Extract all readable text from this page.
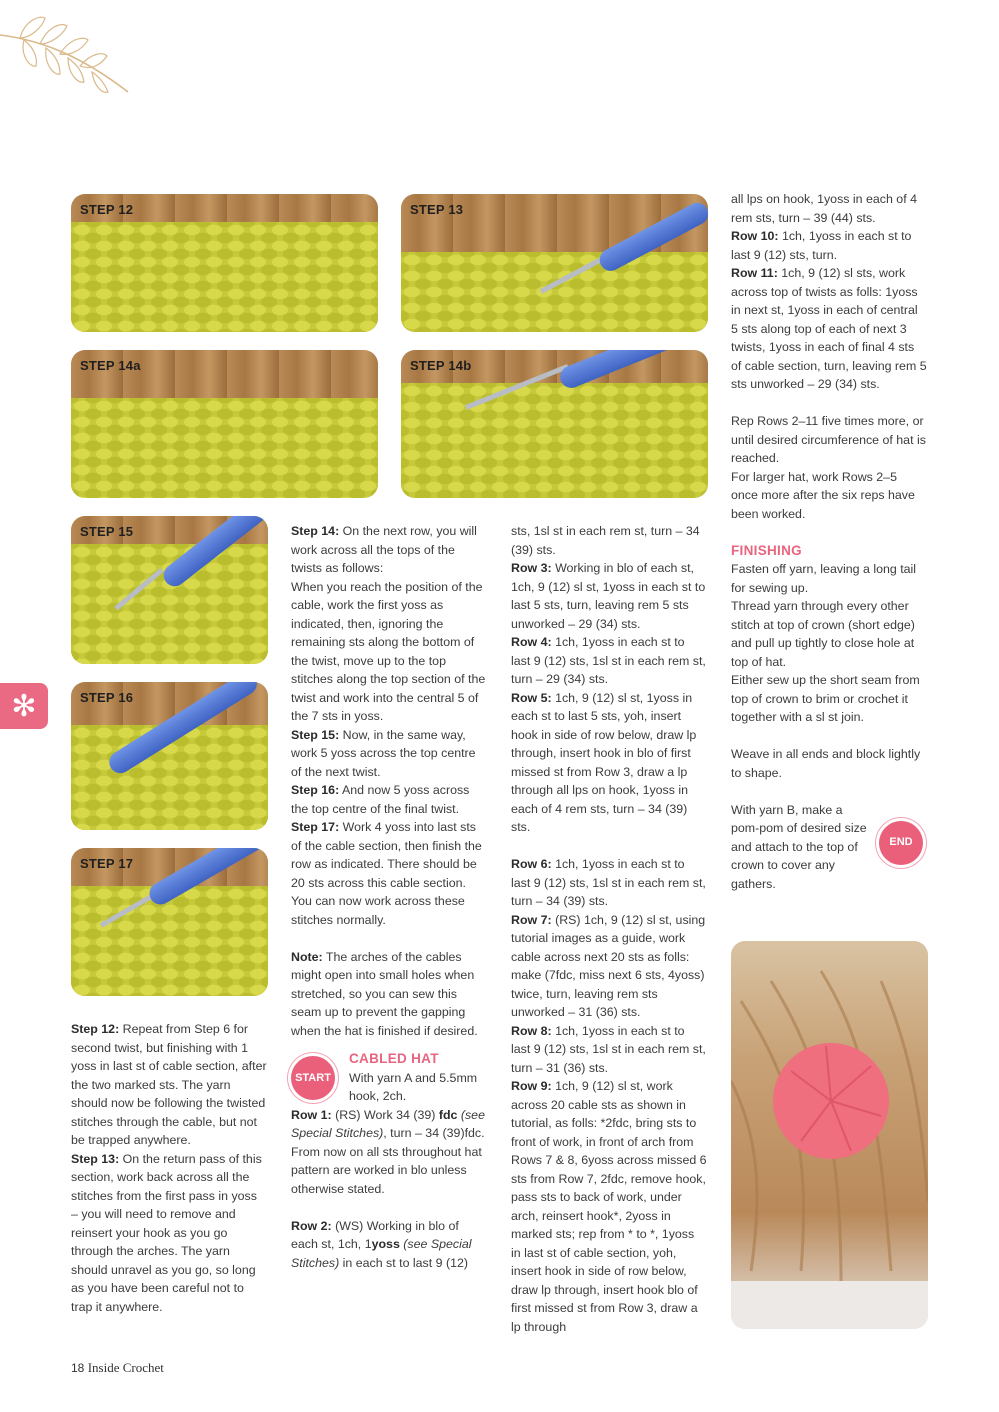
STEP 12	STEP 13
STEP 14a	STEP 14b
STEP 15
STEP 16
STEP 17
✻

Step 12: Repeat from Step 6 for second twist, but finishing with 1 yoss in last st of cable section, after the two marked sts. The yarn should now be following the twisted stitches through the cable, but not be trapped anywhere.

Step 13: On the return pass of this section, work back across all the stitches from the first pass in yoss – you will need to remove and reinsert your hook as you go through the arches. The yarn should unravel as you go, so long as you have been careful not to trap it anywhere.

Step 14: On the next row, you will work across all the tops of the twists as follows:

When you reach the position of the cable, work the first yoss as indicated, then, ignoring the remaining sts along the bottom of the twist, move up to the top stitches along the top section of the twist and work into the central 5 of the 7 sts in yoss.

Step 15: Now, in the same way, work 5 yoss across the top centre of the next twist.

Step 16: And now 5 yoss across the top centre of the final twist.

Step 17: Work 4 yoss into last sts of the cable section, then finish the row as indicated. There should be 20 sts across this cable section.

You can now work across these stitches normally.

Note: The arches of the cables might open into small holes when stretched, so you can sew this seam up to prevent the gapping when the hat is finished if desired.

START

CABLED HAT

With yarn A and 5.5mm hook, 2ch.

Row 1: (RS) Work 34 (39) fdc (see Special Stitches), turn – 34 (39)fdc.

From now on all sts throughout hat pattern are worked in blo unless otherwise stated.

Row 2: (WS) Working in blo of each st, 1ch, 1yoss (see Special Stitches) in each st to last 9 (12)

sts, 1sl st in each rem st, turn – 34 (39) sts.

Row 3: Working in blo of each st, 1ch, 9 (12) sl st, 1yoss in each st to last 5 sts, turn, leaving rem 5 sts unworked – 29 (34) sts.

Row 4: 1ch, 1yoss in each st to last 9 (12) sts, 1sl st in each rem st, turn – 29 (34) sts.

Row 5: 1ch, 9 (12) sl st, 1yoss in each st to last 5 sts, yoh, insert hook in side of row below, draw lp through, insert hook in blo of first missed st from Row 3, draw a lp through all lps on hook, 1yoss in each of 4 rem sts, turn – 34 (39) sts.

Row 6: 1ch, 1yoss in each st to last 9 (12) sts, 1sl st in each rem st, turn – 34 (39) sts.

Row 7: (RS) 1ch, 9 (12) sl st, using tutorial images as a guide, work cable across next 20 sts as folls: make (7fdc, miss next 6 sts, 4yoss) twice, turn, leaving rem sts unworked – 31 (36) sts.

Row 8: 1ch, 1yoss in each st to last 9 (12) sts, 1sl st in each rem st, turn – 31 (36) sts.

Row 9: 1ch, 9 (12) sl st, work across 20 cable sts as shown in tutorial, as folls: *2fdc, bring sts to front of work, in front of arch from Rows 7 & 8, 6yoss across missed 6 sts from Row 7, 2fdc, remove hook, pass sts to back of work, under arch, reinsert hook*, 2yoss in marked sts; rep from * to *, 1yoss in last st of cable section, yoh, insert hook in side of row below, draw lp through, insert hook blo of first missed st from Row 3, draw a lp through

all lps on hook, 1yoss in each of 4 rem sts, turn – 39 (44) sts.

Row 10: 1ch, 1yoss in each st to last 9 (12) sts, turn.

Row 11: 1ch, 9 (12) sl sts, work across top of twists as folls: 1yoss in next st, 1yoss in each of central 5 sts along top of each of next 3 twists, 1yoss in each of final 4 sts of cable section, turn, leaving rem 5 sts unworked – 29 (34) sts.

Rep Rows 2–11 five times more, or until desired circumference of hat is reached.

For larger hat, work Rows 2–5 once more after the six reps have been worked.

FINISHING

Fasten off yarn, leaving a long tail for sewing up.

Thread yarn through every other stitch at top of crown (short edge) and pull up tightly to close hole at top of hat.

Either sew up the short seam from top of crown to brim or crochet it together with a sl st join.

Weave in all ends and block lightly to shape.

With yarn B, make a pom-pom of desired size and attach to the top of crown to cover any gathers.

END
18 Inside Crochet
